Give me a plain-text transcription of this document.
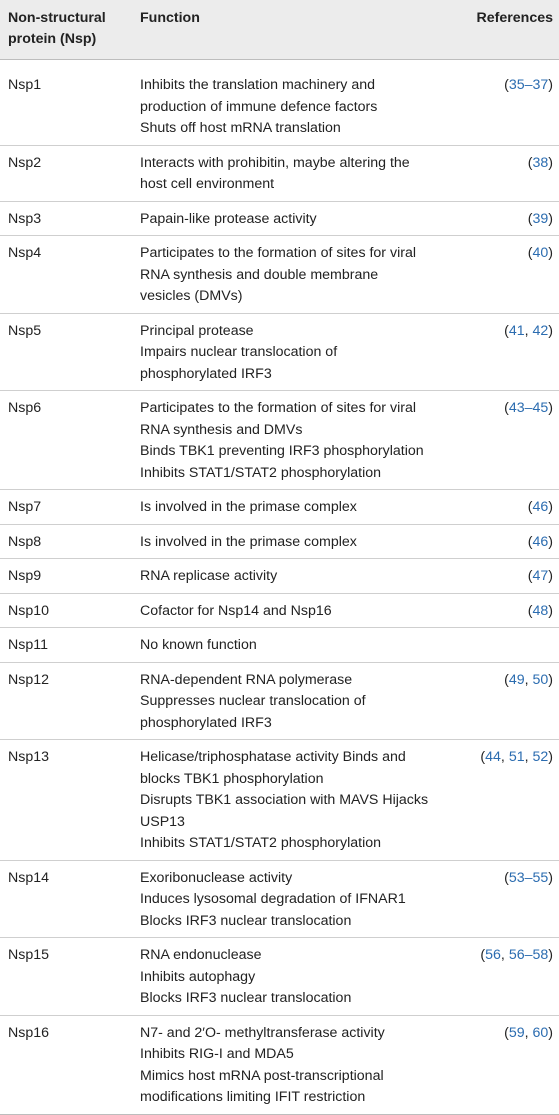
Non-structural protein (Nsp)	Function	References
Nsp1	Inhibits the translation machinery and production of immune defence factors
Shuts off host mRNA translation	(35–37)
Nsp2	Interacts with prohibitin, maybe altering the host cell environment	(38)
Nsp3	Papain-like protease activity	(39)
Nsp4	Participates to the formation of sites for viral RNA synthesis and double membrane vesicles (DMVs)	(40)
Nsp5	Principal protease
Impairs nuclear translocation of phosphorylated IRF3	(41, 42)
Nsp6	Participates to the formation of sites for viral RNA synthesis and DMVs
Binds TBK1 preventing IRF3 phosphorylation
Inhibits STAT1/STAT2 phosphorylation	(43–45)
Nsp7	Is involved in the primase complex	(46)
Nsp8	Is involved in the primase complex	(46)
Nsp9	RNA replicase activity	(47)
Nsp10	Cofactor for Nsp14 and Nsp16	(48)
Nsp11	No known function	

Nsp12	RNA-dependent RNA polymerase
Suppresses nuclear translocation of phosphorylated IRF3	(49, 50)
Nsp13	Helicase/triphosphatase activity Binds and blocks TBK1 phosphorylation
Disrupts TBK1 association with MAVS Hijacks USP13
Inhibits STAT1/STAT2 phosphorylation	(44, 51, 52)
Nsp14	Exoribonuclease activity
Induces lysosomal degradation of IFNAR1
Blocks IRF3 nuclear translocation	(53–55)
Nsp15	RNA endonuclease
Inhibits autophagy
Blocks IRF3 nuclear translocation	(56, 56–58)
Nsp16	N7- and 2′O- methyltransferase activity
Inhibits RIG-I and MDA5
Mimics host mRNA post-transcriptional modifications limiting IFIT restriction	(59, 60)
